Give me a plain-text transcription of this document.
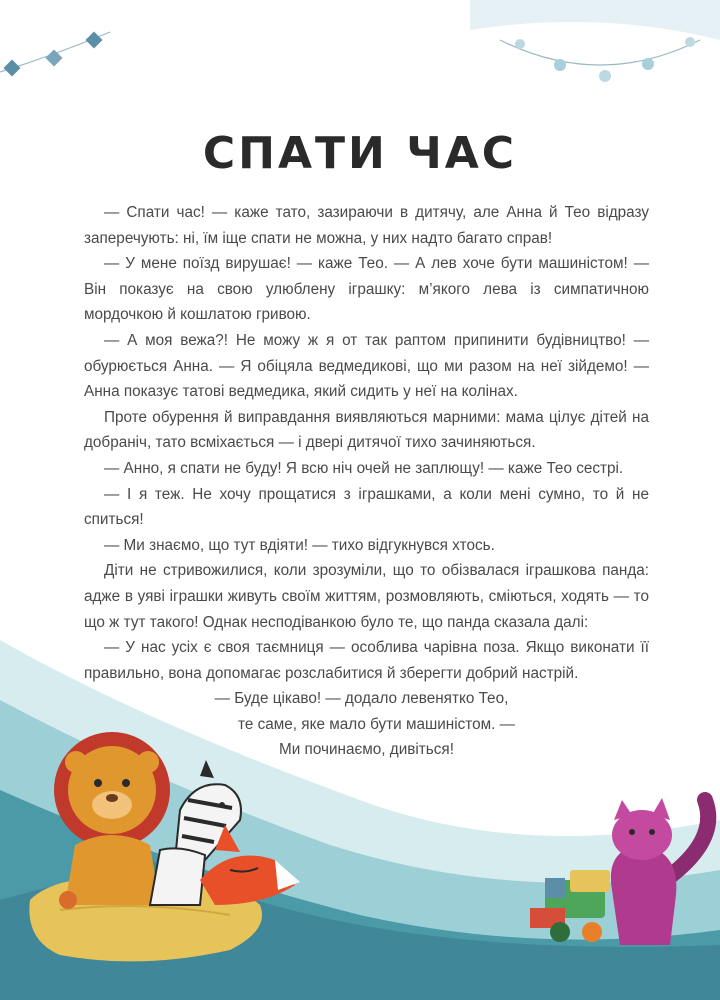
СПАТИ ЧАС

— Спати час! — каже тато, зазираючи в дитячу, але Анна й Тео відразу заперечують: ні, їм іще спати не можна, у них надто багато справ!

— У мене поїзд вирушає! — каже Тео. — А лев хоче бути машиністом! — Він показує на свою улюблену іграшку: м’якого лева із симпатичною мордочкою й кошлатою гривою.

— А моя вежа?! Не можу ж я от так раптом припинити будівництво! — обурюється Анна. — Я обіцяла ведмедикові, що ми разом на неї зійдемо! — Анна показує татові ведмедика, який сидить у неї на колінах.

Проте обурення й виправдання виявляються марними: мама цілує дітей на добраніч, тато всміхається — і двері дитячої тихо зачиняються.

— Анно, я спати не буду! Я всю ніч очей не заплющу! — каже Тео сестрі.

— І я теж. Не хочу прощатися з іграшками, а коли мені сумно, то й не спиться!

— Ми знаємо, що тут вдіяти! — тихо відгукнувся хтось.

Діти не стривожилися, коли зрозуміли, що то обізвалася іграшкова панда: адже в уяві іграшки живуть своїм життям, розмовляють, сміються, ходять — то що ж тут такого! Однак несподіванкою було те, що панда сказала далі:

— У нас усіх є своя таємниця — особлива чарівна поза. Якщо виконати її правильно, вона допомагає розслабитися й зберегти добрий настрій.

— Буде цікаво! — додало левенятко Тео,

те саме, яке мало бути машиністом. —

Ми починаємо, дивіться!
